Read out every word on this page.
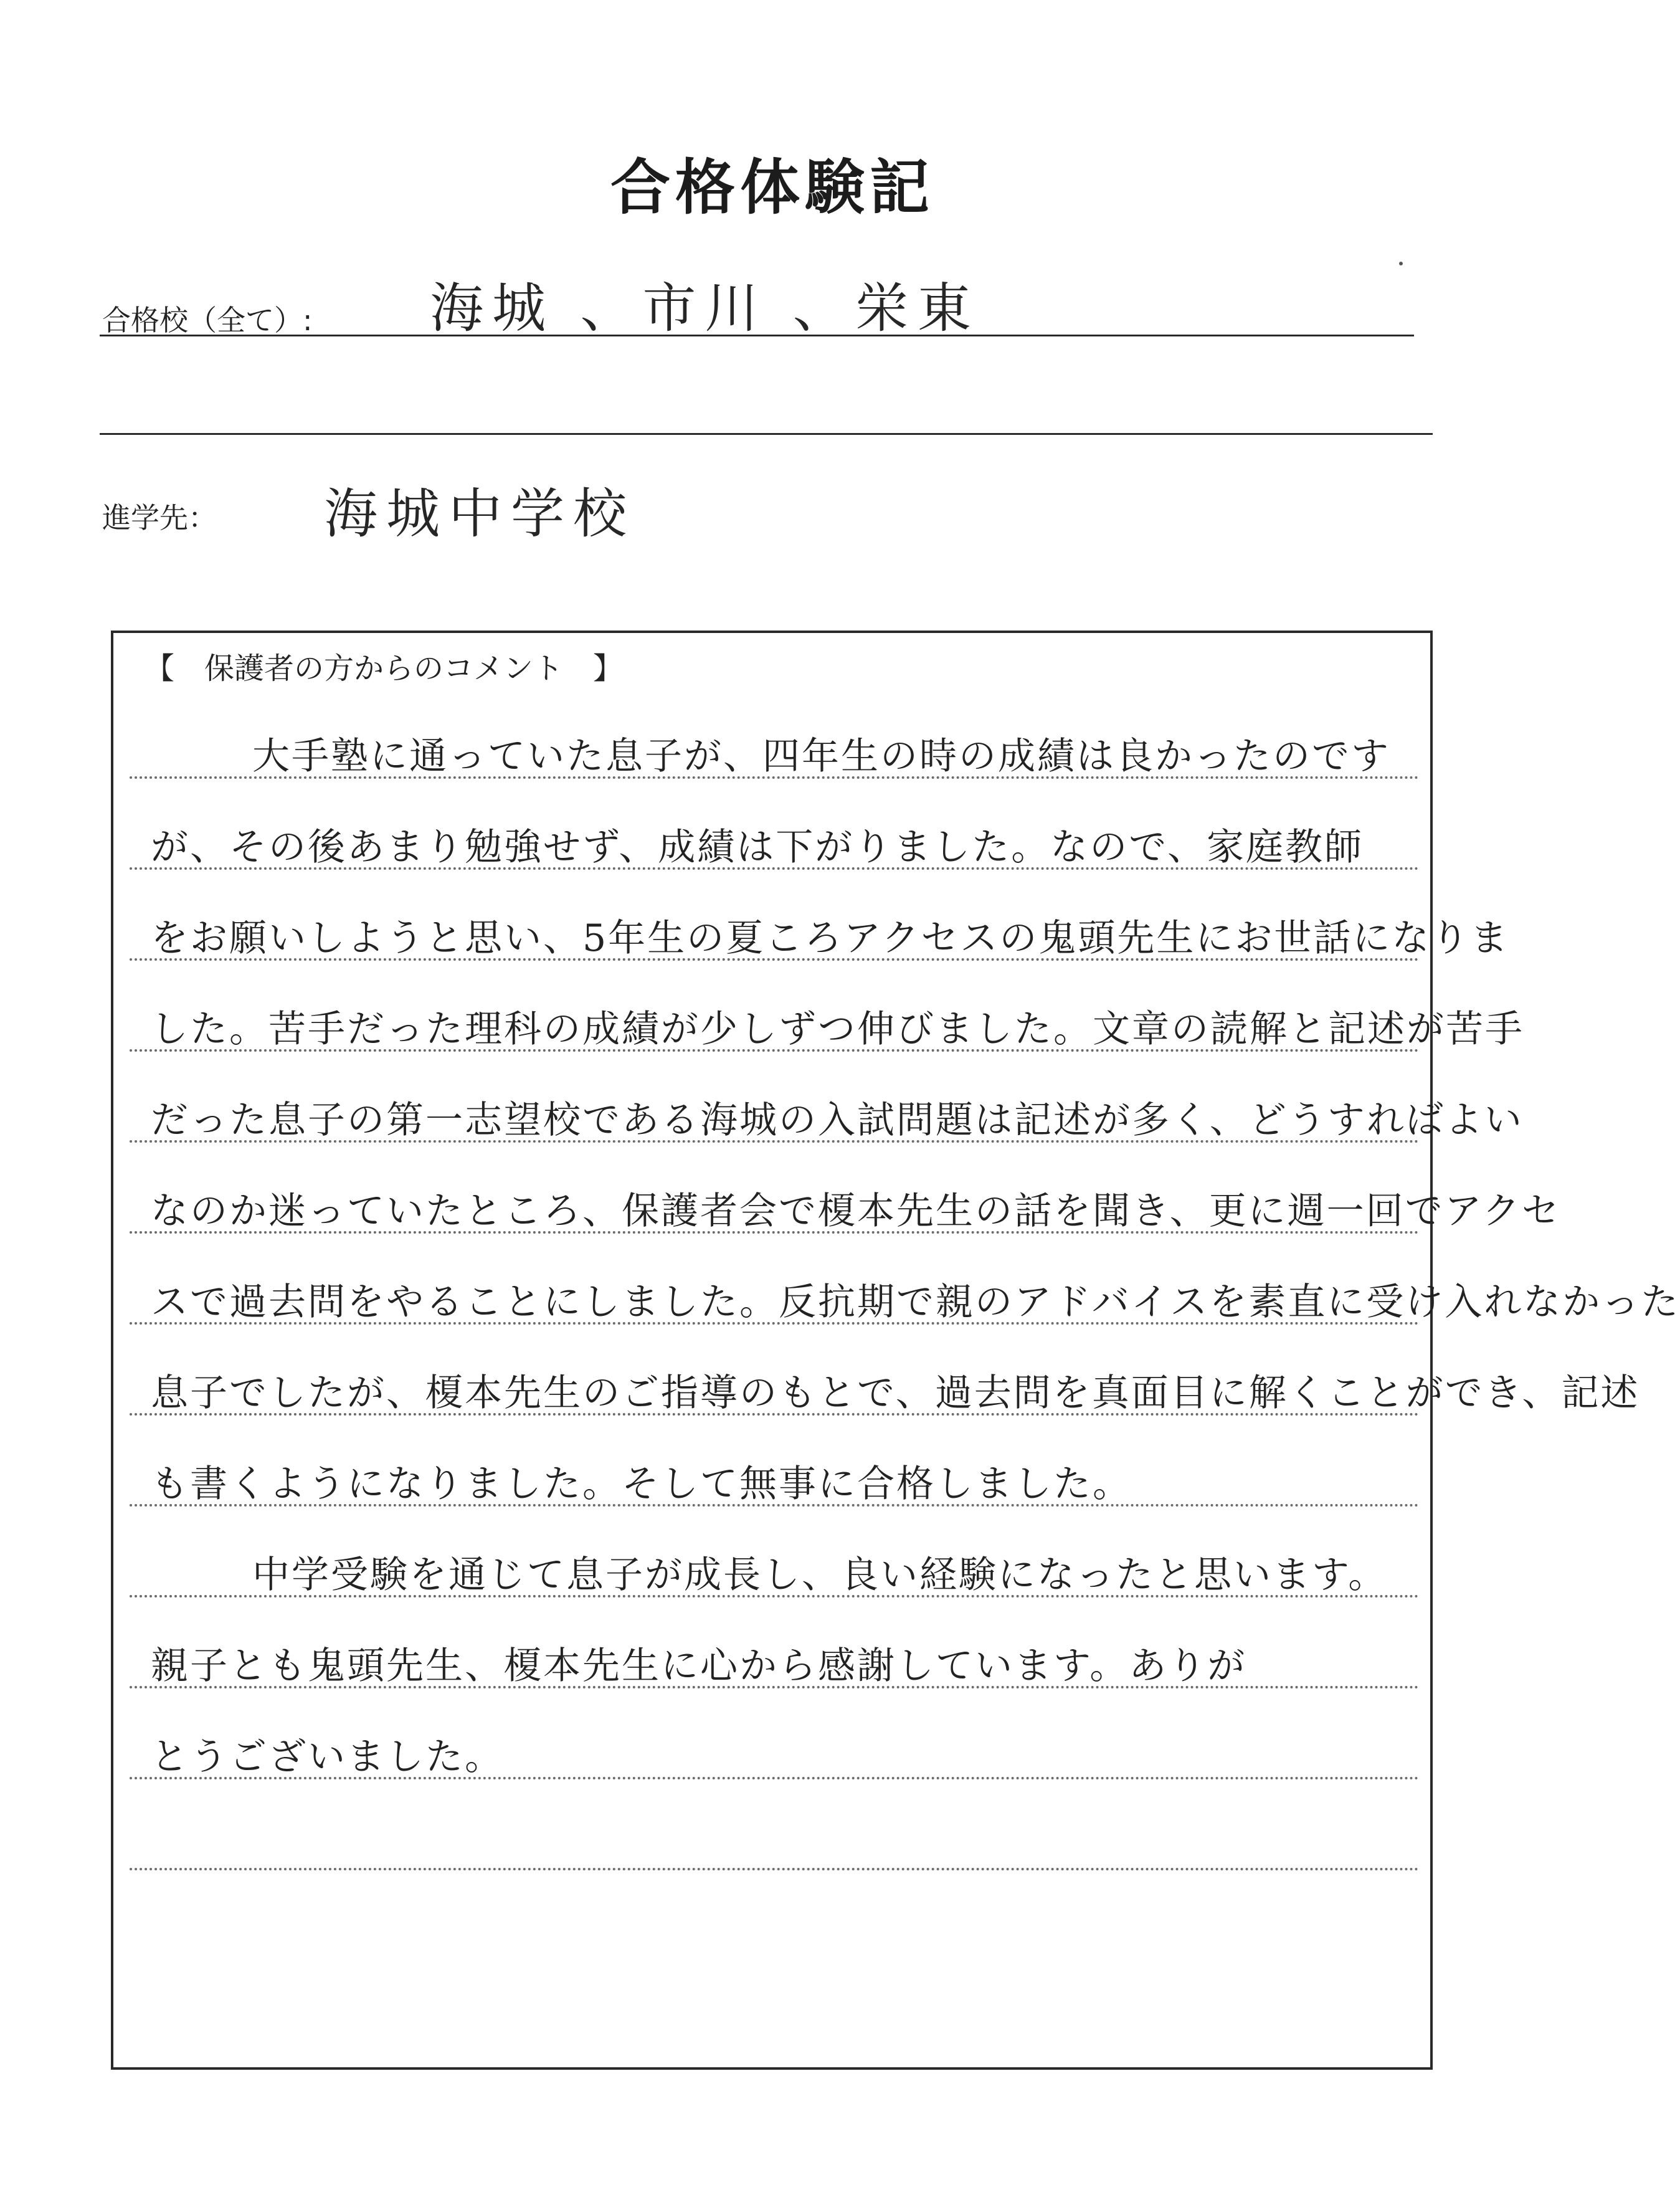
合格体験記
合格校（全て）: 海城 、市川 、栄東
進学先： 海城中学校
【　保護者の方からのコメント　】
　大手塾に通っていた息子が、四年生の時の成績は良かったのです
が、その後あまり勉強せず、成績は下がりました。なので、家庭教師
をお願いしようと思い、5年生の夏ころアクセスの鬼頭先生にお世話になりま
した。苦手だった理科の成績が少しずつ伸びました。文章の読解と記述が苦手
だった息子の第一志望校である海城の入試問題は記述が多く、どうすればよい
なのか迷っていたところ、保護者会で榎本先生の話を聞き、更に週一回でアクセ
スで過去問をやることにしました。反抗期で親のアドバイスを素直に受け入れなかった
息子でしたが、榎本先生のご指導のもとで、過去問を真面目に解くことができ、記述
も書くようになりました。そして無事に合格しました。
　中学受験を通じて息子が成長し、良い経験になったと思います。
親子とも鬼頭先生、榎本先生に心から感謝しています。ありが
とうございました。
